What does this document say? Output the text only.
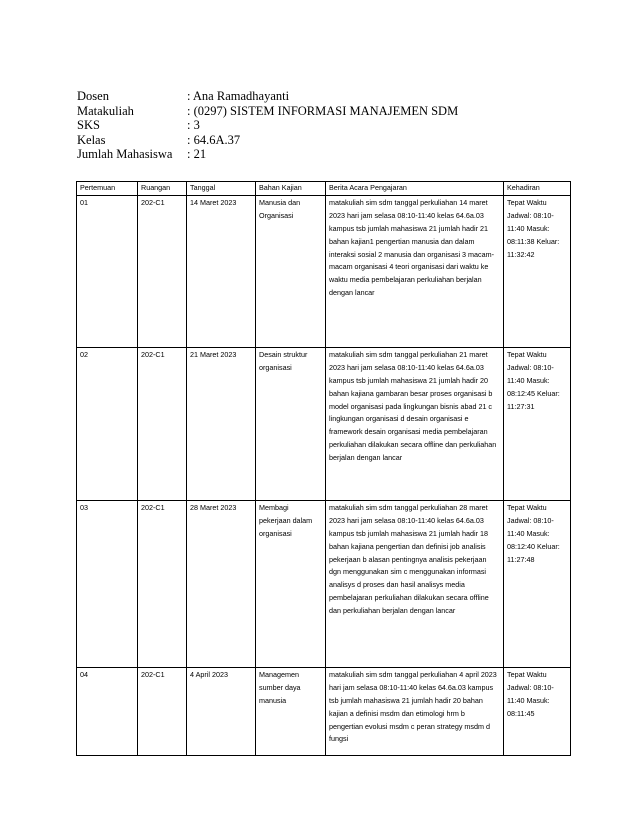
Dosen	: Ana Ramadhayanti
Matakuliah	: (0297) SISTEM INFORMASI MANAJEMEN SDM
SKS	: 3
Kelas	: 64.6A.37
Jumlah Mahasiswa	: 21
Pertemuan	Ruangan	Tanggal	Bahan Kajian	Berita Acara Pengajaran	Kehadiran
01	202-C1	14 Maret 2023	Manusia dan Organisasi	matakuliah sim sdm tanggal perkuliahan 14 maret 2023 hari jam selasa 08:10-11:40 kelas 64.6a.03 kampus tsb jumlah mahasiswa 21 jumlah hadir 21 bahan kajian1 pengertian manusia dan dalam interaksi sosial 2 manusia dan organisasi 3 macam-macam organisasi 4 teori organisasi dari waktu ke waktu media pembelajaran perkuliahan berjalan dengan lancar	Tepat Waktu Jadwal: 08:10-11:40 Masuk: 08:11:38 Keluar: 11:32:42
02	202-C1	21 Maret 2023	Desain struktur organisasi	matakuliah sim sdm tanggal perkuliahan 21 maret 2023 hari jam selasa 08:10-11:40 kelas 64.6a.03 kampus tsb jumlah mahasiswa 21 jumlah hadir 20 bahan kajiana gambaran besar proses organisasi b model organisasi pada lingkungan bisnis abad 21 c lingkungan organisasi d desain organisasi e framework desain organisasi media pembelajaran perkuliahan dilakukan secara offline dan perkuliahan berjalan dengan lancar	Tepat Waktu Jadwal: 08:10-11:40 Masuk: 08:12:45 Keluar: 11:27:31
03	202-C1	28 Maret 2023	Membagi pekerjaan dalam organisasi	matakuliah sim sdm tanggal perkuliahan 28 maret 2023 hari jam selasa 08:10-11:40 kelas 64.6a.03 kampus tsb jumlah mahasiswa 21 jumlah hadir 18 bahan kajiana pengertian dan definisi job analisis pekerjaan b alasan pentingnya analisis pekerjaan dgn menggunakan sim c menggunakan informasi analisys d proses dan hasil analisys media pembelajaran perkuliahan dilakukan secara offline dan perkuliahan berjalan dengan lancar	Tepat Waktu Jadwal: 08:10-11:40 Masuk: 08:12:40 Keluar: 11:27:48
04	202-C1	4 April 2023	Managemen sumber daya manusia	matakuliah sim sdm tanggal perkuliahan 4 april 2023 hari jam selasa 08:10-11:40 kelas 64.6a.03 kampus tsb jumlah mahasiswa 21 jumlah hadir 20 bahan kajian a definisi msdm dan etimologi hrm b pengertian evolusi msdm c peran strategy msdm d fungsi	Tepat Waktu Jadwal: 08:10-11:40 Masuk: 08:11:45
